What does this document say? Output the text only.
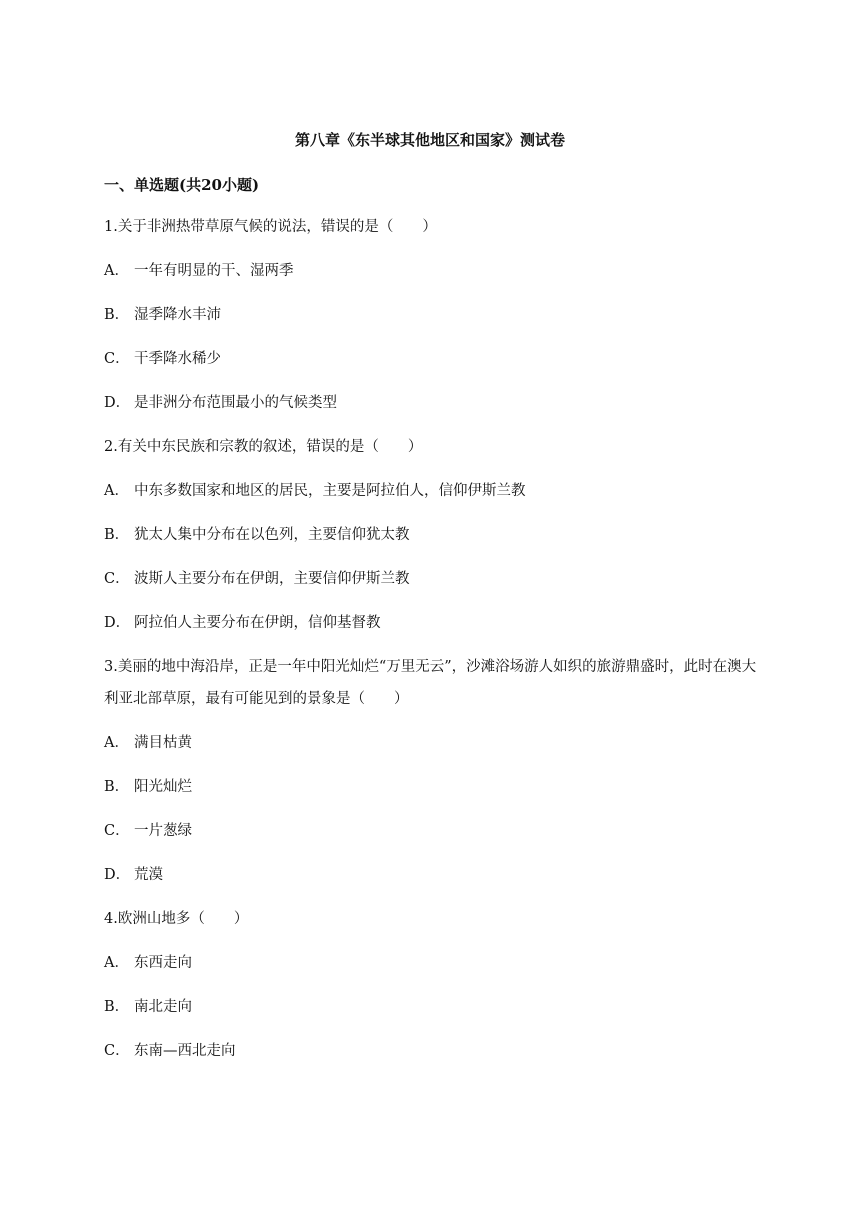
第八章《东半球其他地区和国家》测试卷
一、单选题(共20小题)
1.关于非洲热带草原气候的说法，错误的是（　　）
A． 一年有明显的干、湿两季
B． 湿季降水丰沛
C． 干季降水稀少
D． 是非洲分布范围最小的气候类型
2.有关中东民族和宗教的叙述，错误的是（　　）
A． 中东多数国家和地区的居民，主要是阿拉伯人，信仰伊斯兰教
B． 犹太人集中分布在以色列，主要信仰犹太教
C． 波斯人主要分布在伊朗，主要信仰伊斯兰教
D． 阿拉伯人主要分布在伊朗，信仰基督教
3.美丽的地中海沿岸，正是一年中阳光灿烂“万里无云”，沙滩浴场游人如织的旅游鼎盛时，此时在澳大利亚北部草原，最有可能见到的景象是（　　）
A． 满目枯黄
B． 阳光灿烂
C． 一片葱绿
D． 荒漠
4.欧洲山地多（　　）
A． 东西走向
B． 南北走向
C． 东南—西北走向
